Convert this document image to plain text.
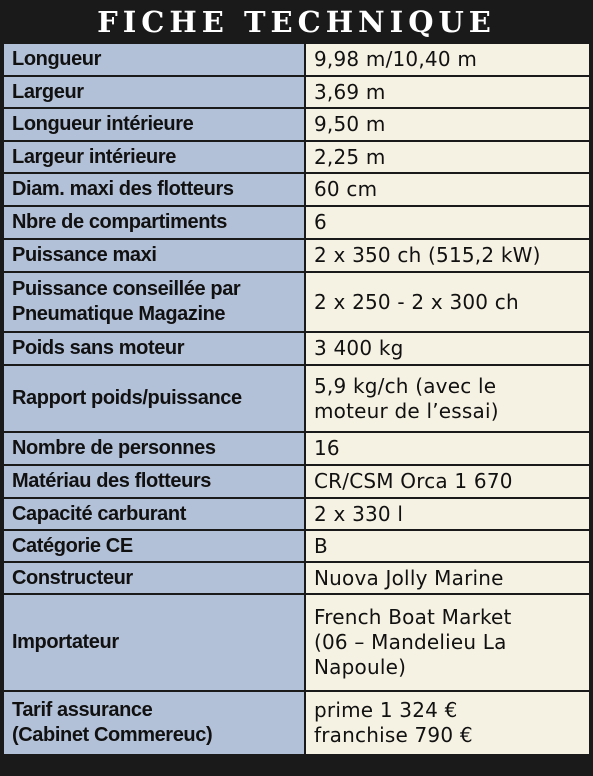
FICHE TECHNIQUE
Longueur	9,98 m/10,40 m
Largeur	3,69 m
Longueur intérieure	9,50 m
Largeur intérieure	2,25 m
Diam. maxi des flotteurs	60 cm
Nbre de compartiments	6
Puissance maxi	2 x 350 ch (515,2 kW)
Puissance conseillée par
Pneumatique Magazine	2 x 250 - 2 x 300 ch
Poids sans moteur	3 400 kg
Rapport poids/puissance	5,9 kg/ch (avec le
moteur de l’essai)
Nombre de personnes	16
Matériau des flotteurs	CR/CSM Orca 1 670
Capacité carburant	2 x 330 l
Catégorie CE	B
Constructeur	Nuova Jolly Marine
Importateur	French Boat Market
(06 – Mandelieu La
Napoule)
Tarif assurance
(Cabinet Commereuc)	prime 1 324 €
franchise 790 €
